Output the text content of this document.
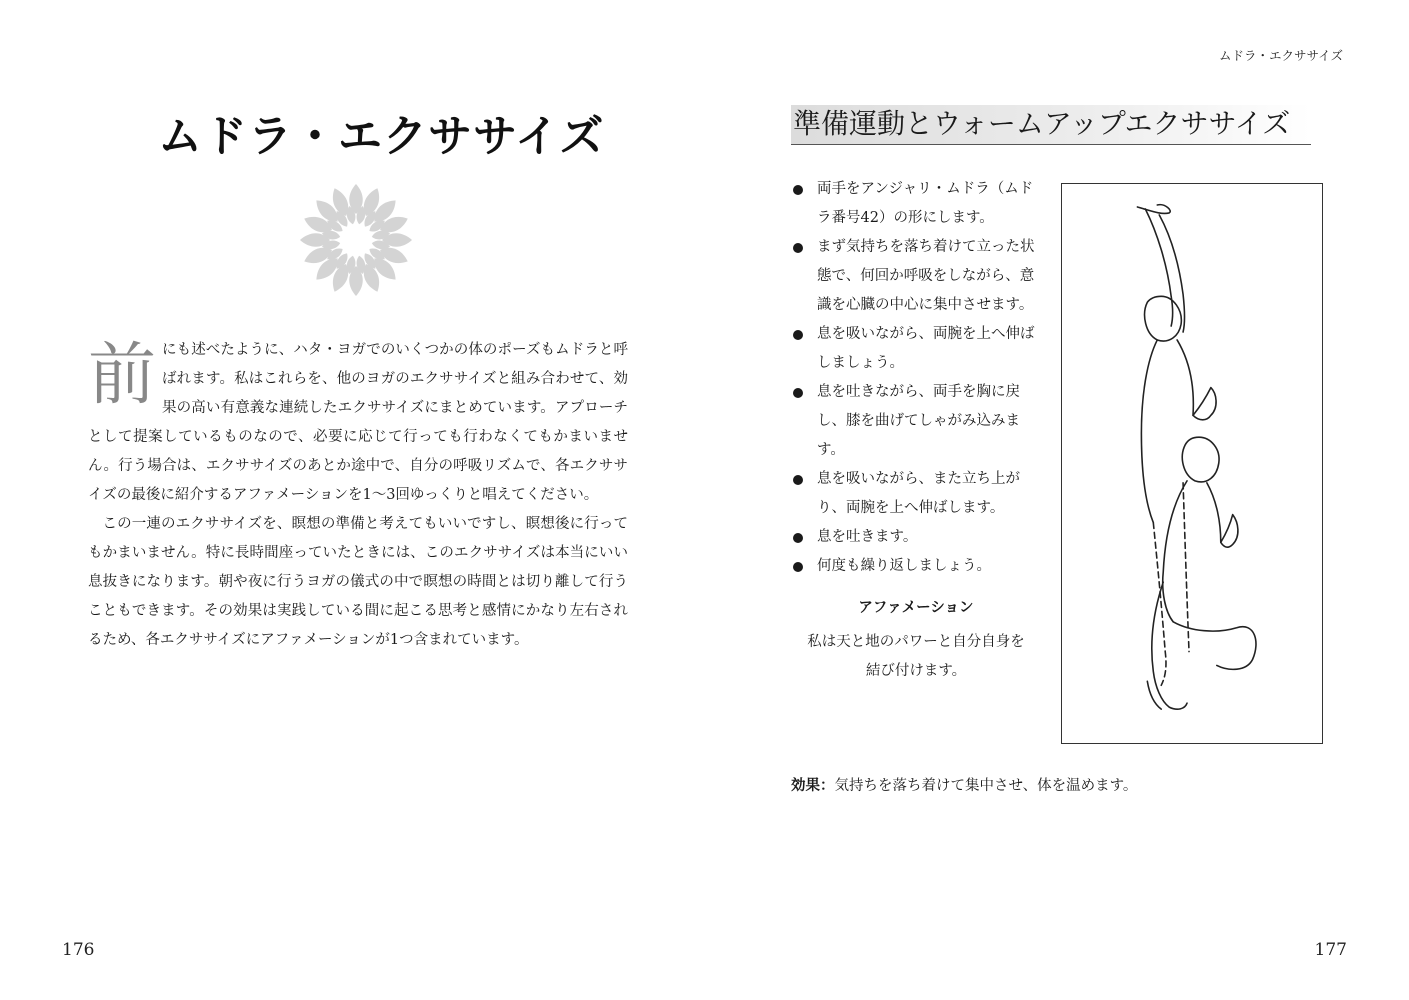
ムドラ・エクササイズ
前 にも述べたように、ハタ・ヨガでのいくつかの体のポーズもムドラと呼ばれます。私はこれらを、他のヨガのエクササイズと組み合わせて、効果の高い有意義な連続したエクササイズにまとめています。アプローチとして提案しているものなので、必要に応じて行っても行わなくてもかまいません。行う場合は、エクササイズのあとか途中で、自分の呼吸リズムで、各エクササイズの最後に紹介するアファメーションを1～3回ゆっくりと唱えてください。

この一連のエクササイズを、瞑想の準備と考えてもいいですし、瞑想後に行ってもかまいません。特に長時間座っていたときには、このエクササイズは本当にいい息抜きになります。朝や夜に行うヨガの儀式の中で瞑想の時間とは切り離して行うこともできます。その効果は実践している間に起こる思考と感情にかなり左右されるため、各エクササイズにアファメーションが1つ含まれています。

176
ムドラ・エクササイズ
準備運動とウォームアップエクササイズ
両手をアンジャリ・ムドラ（ムドラ番号42）の形にします。
まず気持ちを落ち着けて立った状態で、何回か呼吸をしながら、意識を心臓の中心に集中させます。
息を吸いながら、両腕を上へ伸ばしましょう。
息を吐きながら、両手を胸に戻し、膝を曲げてしゃがみ込みます。
息を吸いながら、また立ち上がり、両腕を上へ伸ばします。
息を吐きます。
何度も繰り返しましょう。
アファメーション
私は天と地のパワーと自分自身を
結び付けます。
効果：気持ちを落ち着けて集中させ、体を温めます。
177
